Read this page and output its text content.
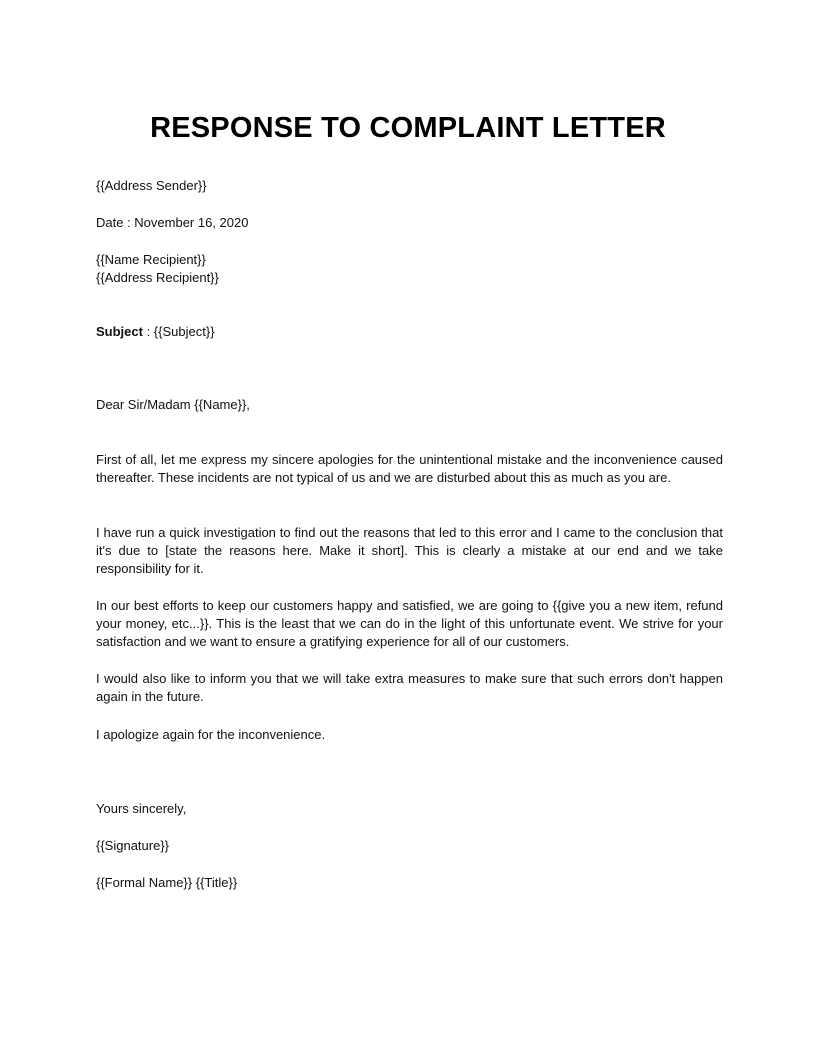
RESPONSE TO COMPLAINT LETTER
{{Address Sender}}
Date : November 16, 2020
{{Name Recipient}}
{{Address Recipient}}
Subject : {{Subject}}
Dear Sir/Madam {{Name}},

First of all, let me express my sincere apologies for the unintentional mistake and the inconvenience caused thereafter. These incidents are not typical of us and we are disturbed about this as much as you are.

I have run a quick investigation to find out the reasons that led to this error and I came to the conclusion that it's due to [state the reasons here. Make it short]. This is clearly a mistake at our end and we take responsibility for it.

In our best efforts to keep our customers happy and satisfied, we are going to {{give you a new item, refund your money, etc...}}. This is the least that we can do in the light of this unfortunate event. We strive for your satisfaction and we want to ensure a gratifying experience for all of our customers.

I would also like to inform you that we will take extra measures to make sure that such errors don't happen again in the future.

I apologize again for the inconvenience.

Yours sincerely,
{{Signature}}
{{Formal Name}} {{Title}}
